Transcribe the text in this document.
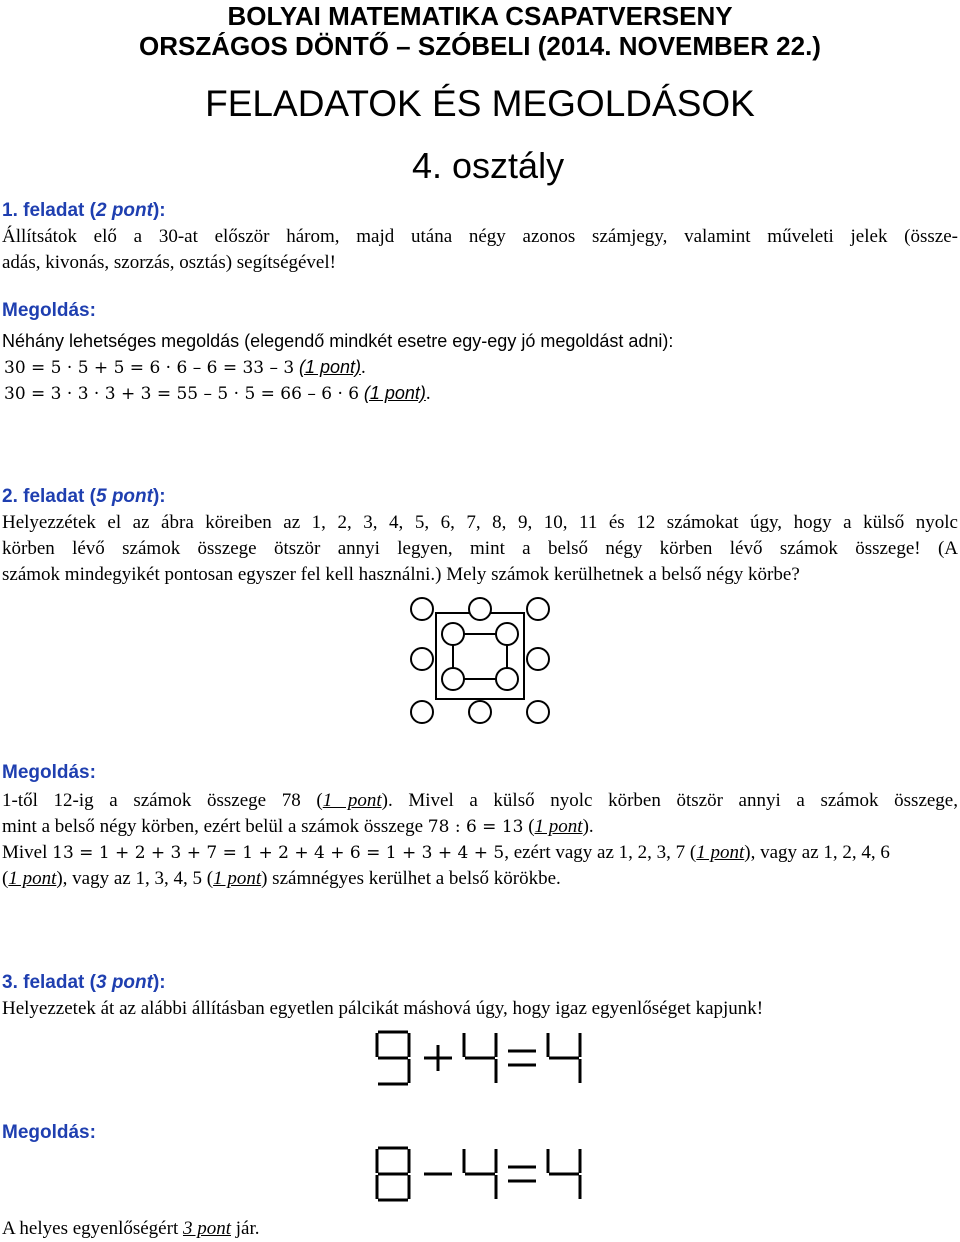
BOLYAI MATEMATIKA CSAPATVERSENY
ORSZÁGOS DÖNTŐ – SZÓBELI (2014. NOVEMBER 22.)
FELADATOK ÉS MEGOLDÁSOK
4. osztály
1. feladat (2 pont):
Állítsátok elő a 30-at először három, majd utána négy azonos számjegy, valamint műveleti jelek (össze-
adás, kivonás, szorzás, osztás) segítségével!
Megoldás:
Néhány lehetséges megoldás (elegendő mindkét esetre egy-egy jó megoldást adni):
30 = 5 · 5 + 5 = 6 · 6 – 6 = 33 – 3 (1 pont).
30 = 3 · 3 · 3 + 3 = 55 – 5 · 5 = 66 – 6 · 6 (1 pont).
2. feladat (5 pont):
Helyezzétek el az ábra köreiben az 1, 2, 3, 4, 5, 6, 7, 8, 9, 10, 11 és 12 számokat úgy, hogy a külső nyolc
körben lévő számok összege ötször annyi legyen, mint a belső négy körben lévő számok összege! (A
számok mindegyikét pontosan egyszer fel kell használni.) Mely számok kerülhetnek a belső négy körbe?
Megoldás:
1-től 12-ig a számok összege 78 (1 pont). Mivel a külső nyolc körben ötször annyi a számok összege,
mint a belső négy körben, ezért belül a számok összege 78 : 6 = 13 (1 pont).
Mivel 13 = 1 + 2 + 3 + 7 = 1 + 2 + 4 + 6 = 1 + 3 + 4 + 5, ezért vagy az 1, 2, 3, 7 (1 pont), vagy az 1, 2, 4, 6
(1 pont), vagy az 1, 3, 4, 5 (1 pont) számnégyes kerülhet a belső körökbe.
3. feladat (3 pont):
Helyezzetek át az alábbi állításban egyetlen pálcikát máshová úgy, hogy igaz egyenlőséget kapjunk!
Megoldás:
A helyes egyenlőségért 3 pont jár.
